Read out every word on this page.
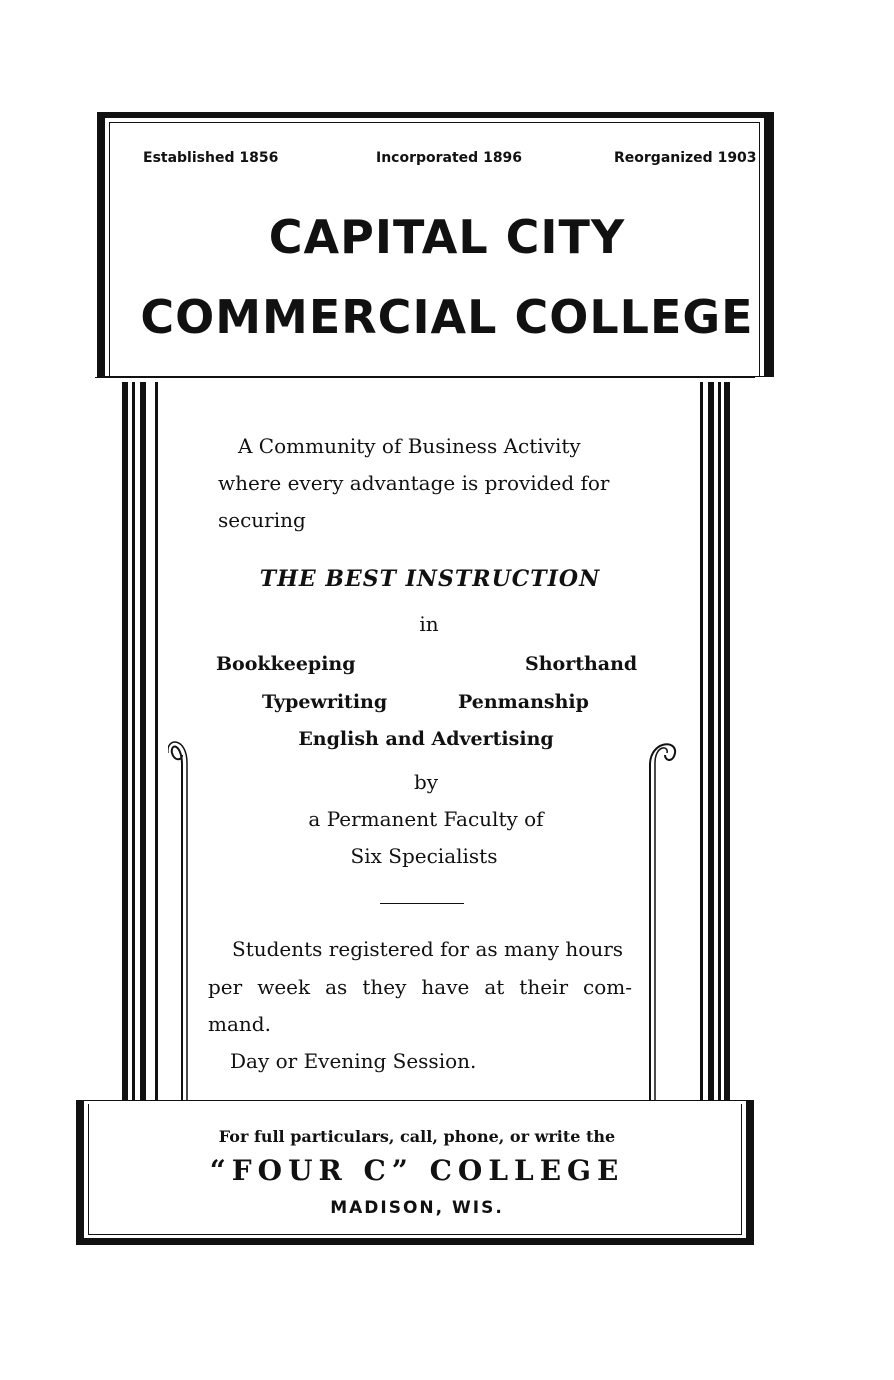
Established 1856	Incorporated 1896	Reorganized 1903
CAPITAL CITY
COMMERCIAL COLLEGE
A Community of Business Activity
where every advantage is provided for
securing
THE BEST INSTRUCTION
in
Bookkeeping	Shorthand
Typewriting	Penmanship
English and Advertising
by
a Permanent Faculty of
Six Specialists
Students registered for as many hours
per week as they have at their com-
mand.
Day or Evening Session.
For full particulars, call, phone, or write the
“FOUR C” COLLEGE
MADISON, WIS.
